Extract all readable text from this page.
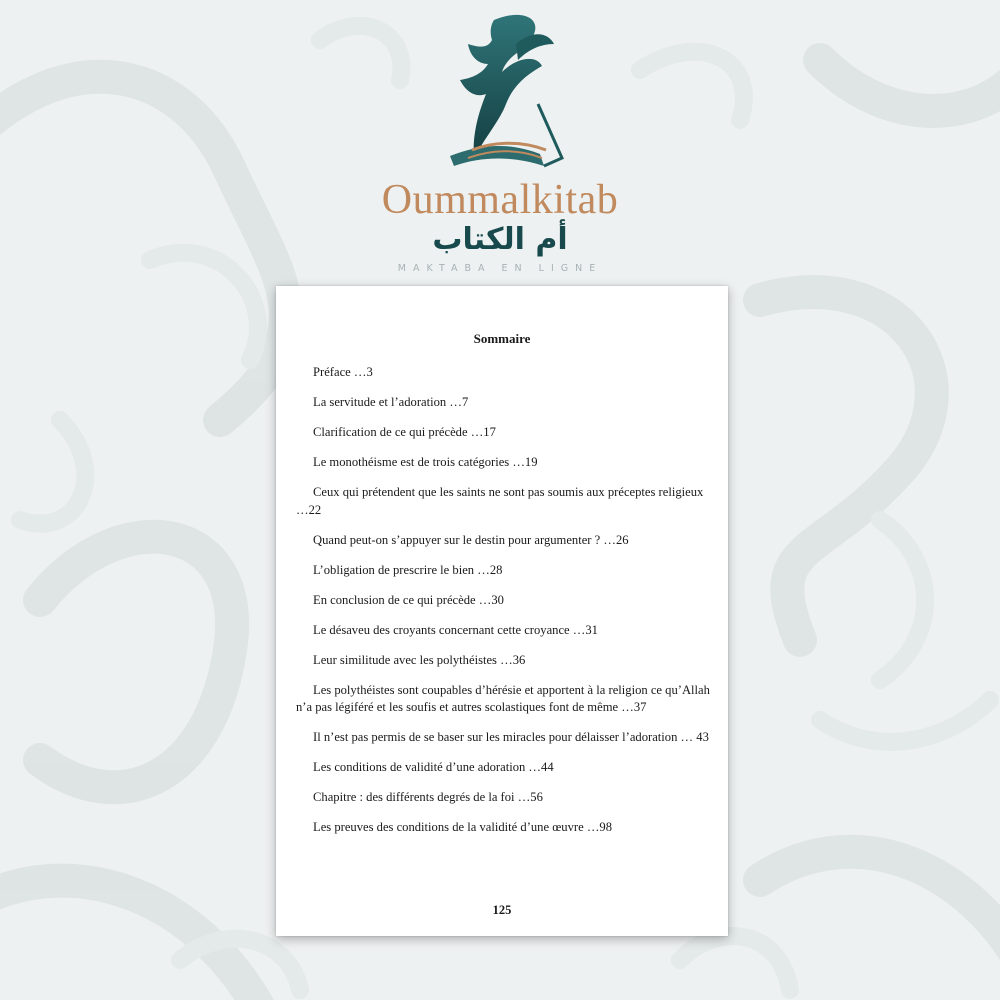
Oummalkitab
أم الكتاب
MAKTABA EN LIGNE
Sommaire
Préface …3
La servitude et l’adoration …7
Clarification de ce qui précède …17
Le monothéisme est de trois catégories …19
Ceux qui prétendent que les saints ne sont pas soumis aux préceptes religieux …22
Quand peut-on s’appuyer sur le destin pour argumenter ? …26
L’obligation de prescrire le bien …28
En conclusion de ce qui précède …30
Le désaveu des croyants concernant cette croyance …31
Leur similitude avec les polythéistes …36
Les polythéistes sont coupables d’hérésie et apportent à la religion ce qu’Allah n’a pas légiféré et les soufis et autres scolastiques font de même …37
Il n’est pas permis de se baser sur les miracles pour délaisser l’adoration … 43
Les conditions de validité d’une adoration …44
Chapitre : des différents degrés de la foi …56
Les preuves des conditions de la validité d’une œuvre …98
125
